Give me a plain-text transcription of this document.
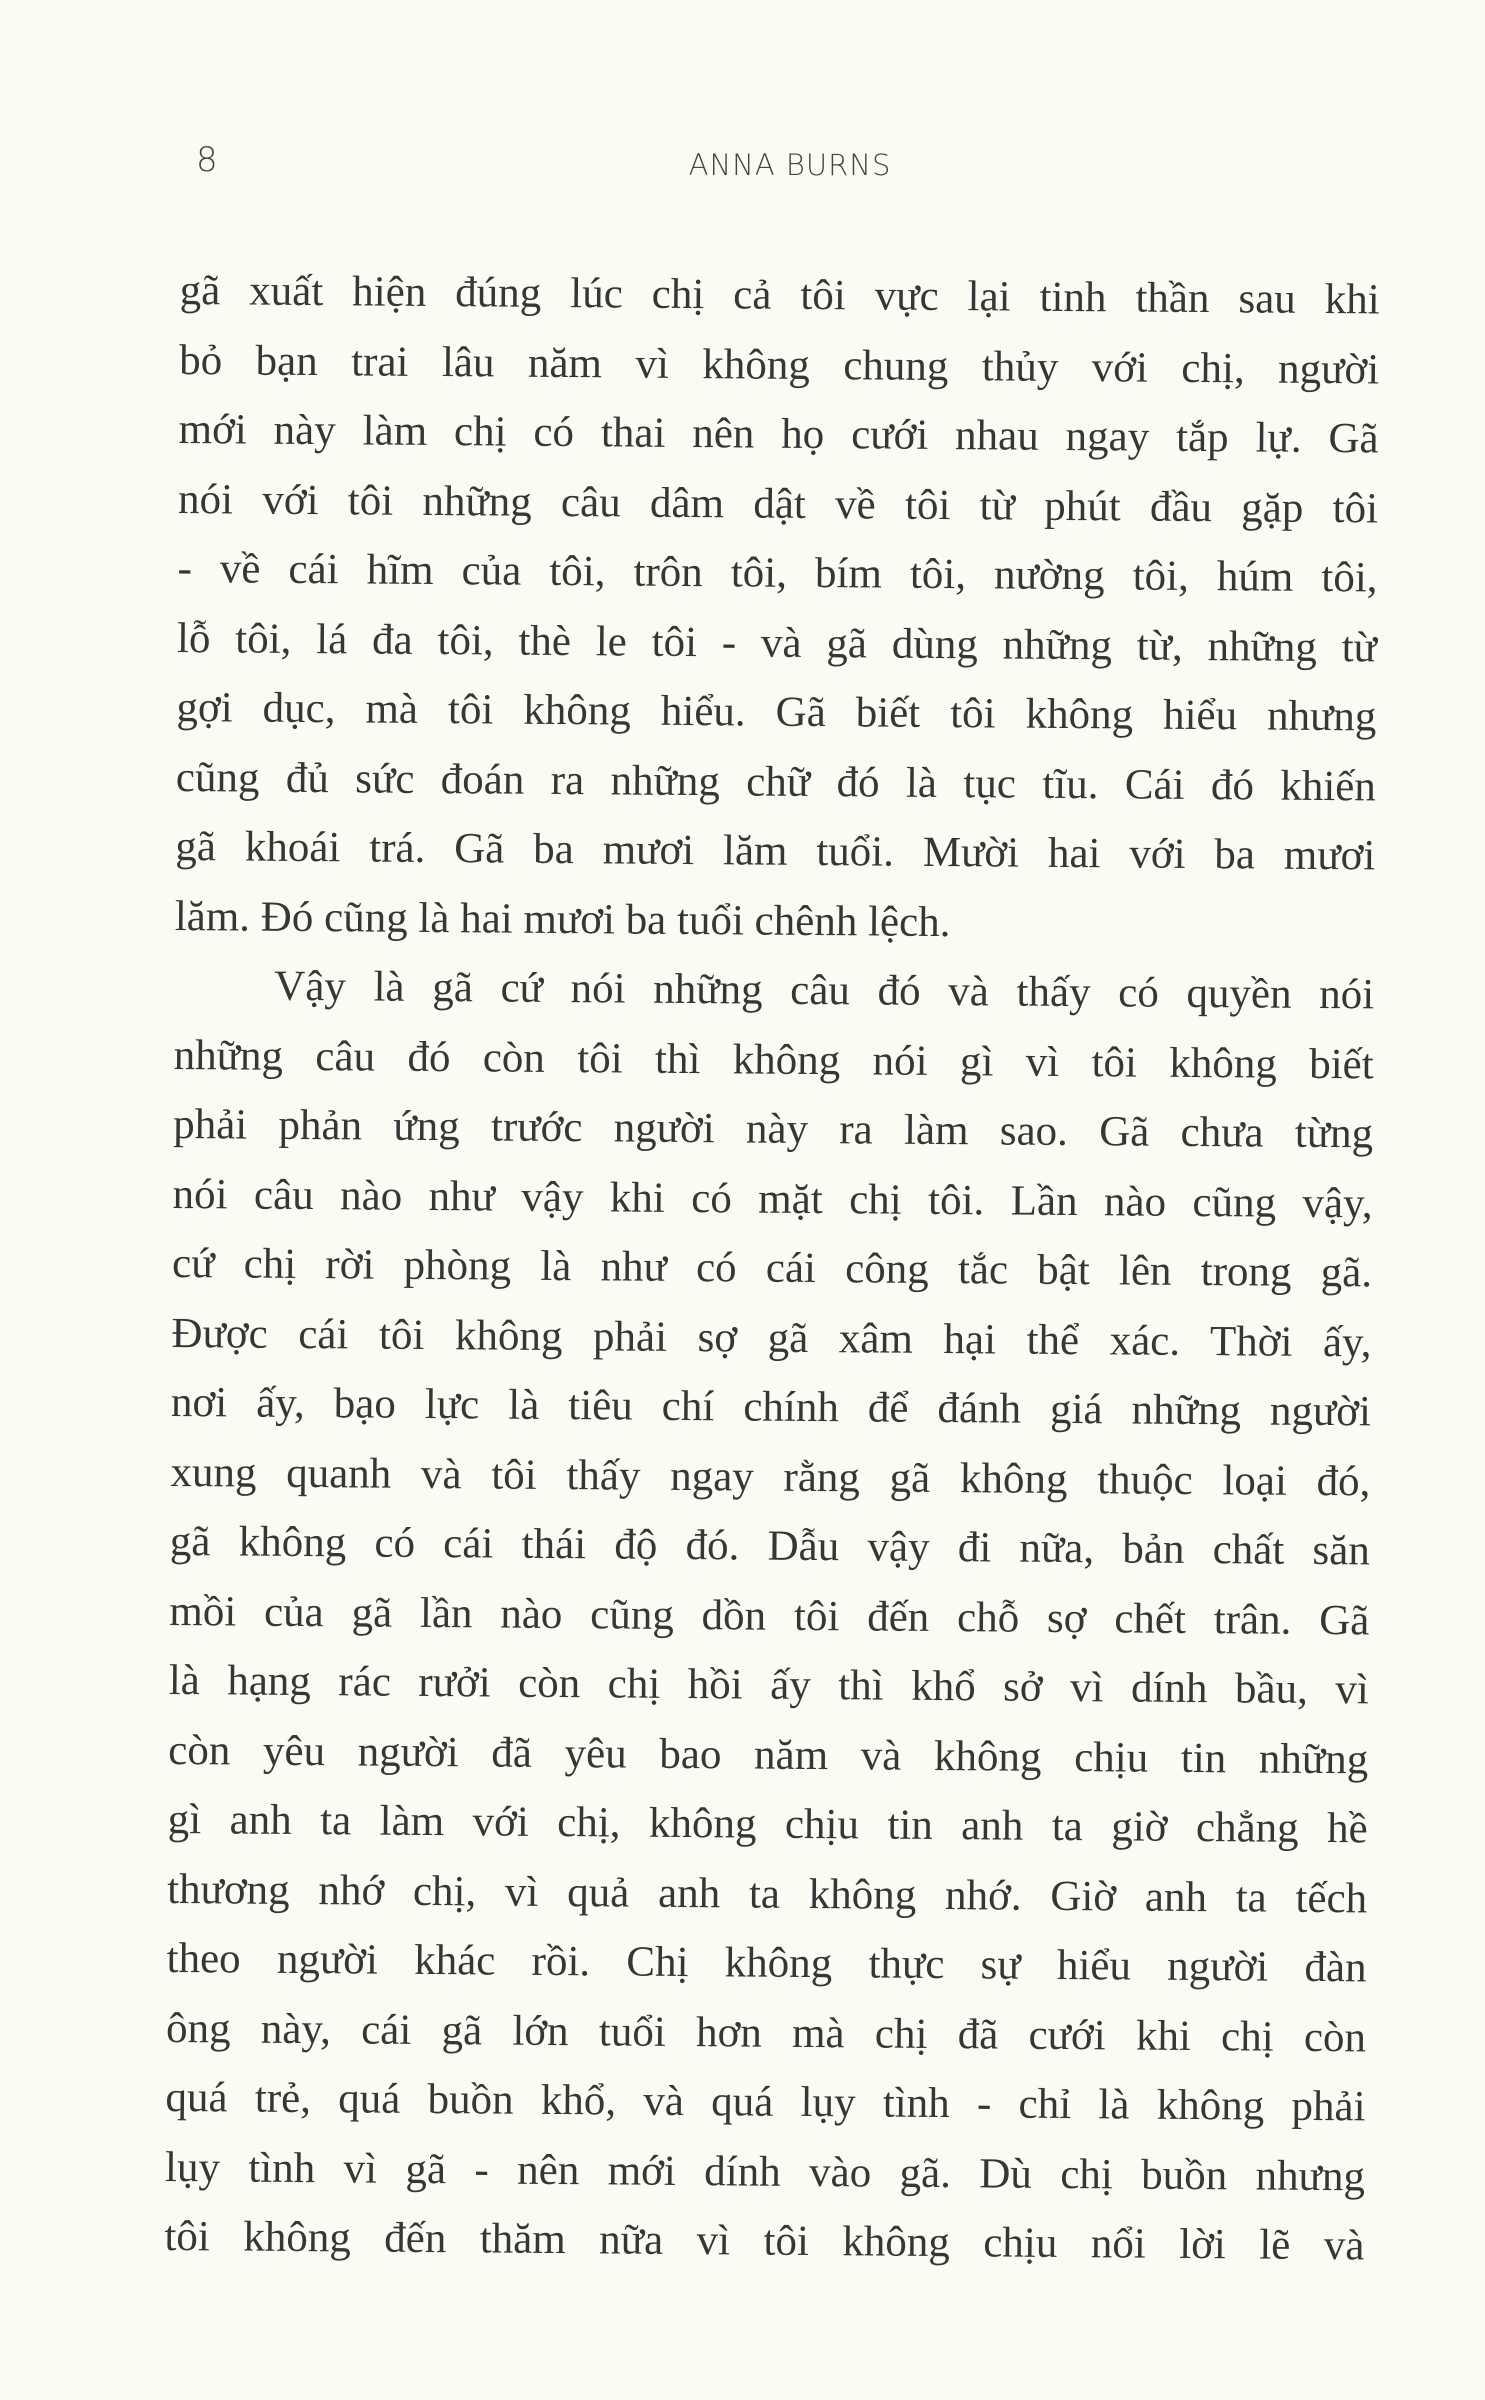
8	ANNA BURNS
gã xuất hiện đúng lúc chị cả tôi vực lại tinh thần sau khi
bỏ bạn trai lâu năm vì không chung thủy với chị, người
mới này làm chị có thai nên họ cưới nhau ngay tắp lự. Gã
nói với tôi những câu dâm dật về tôi từ phút đầu gặp tôi
- về cái hĩm của tôi, trôn tôi, bím tôi, nường tôi, húm tôi,
lỗ tôi, lá đa tôi, thè le tôi - và gã dùng những từ, những từ
gợi dục, mà tôi không hiểu. Gã biết tôi không hiểu nhưng
cũng đủ sức đoán ra những chữ đó là tục tĩu. Cái đó khiến
gã khoái trá. Gã ba mươi lăm tuổi. Mười hai với ba mươi
lăm. Đó cũng là hai mươi ba tuổi chênh lệch.
Vậy là gã cứ nói những câu đó và thấy có quyền nói
những câu đó còn tôi thì không nói gì vì tôi không biết
phải phản ứng trước người này ra làm sao. Gã chưa từng
nói câu nào như vậy khi có mặt chị tôi. Lần nào cũng vậy,
cứ chị rời phòng là như có cái công tắc bật lên trong gã.
Được cái tôi không phải sợ gã xâm hại thể xác. Thời ấy,
nơi ấy, bạo lực là tiêu chí chính để đánh giá những người
xung quanh và tôi thấy ngay rằng gã không thuộc loại đó,
gã không có cái thái độ đó. Dẫu vậy đi nữa, bản chất săn
mồi của gã lần nào cũng dồn tôi đến chỗ sợ chết trân. Gã
là hạng rác rưởi còn chị hồi ấy thì khổ sở vì dính bầu, vì
còn yêu người đã yêu bao năm và không chịu tin những
gì anh ta làm với chị, không chịu tin anh ta giờ chẳng hề
thương nhớ chị, vì quả anh ta không nhớ. Giờ anh ta tếch
theo người khác rồi. Chị không thực sự hiểu người đàn
ông này, cái gã lớn tuổi hơn mà chị đã cưới khi chị còn
quá trẻ, quá buồn khổ, và quá lụy tình - chỉ là không phải
lụy tình vì gã - nên mới dính vào gã. Dù chị buồn nhưng
tôi không đến thăm nữa vì tôi không chịu nổi lời lẽ và
